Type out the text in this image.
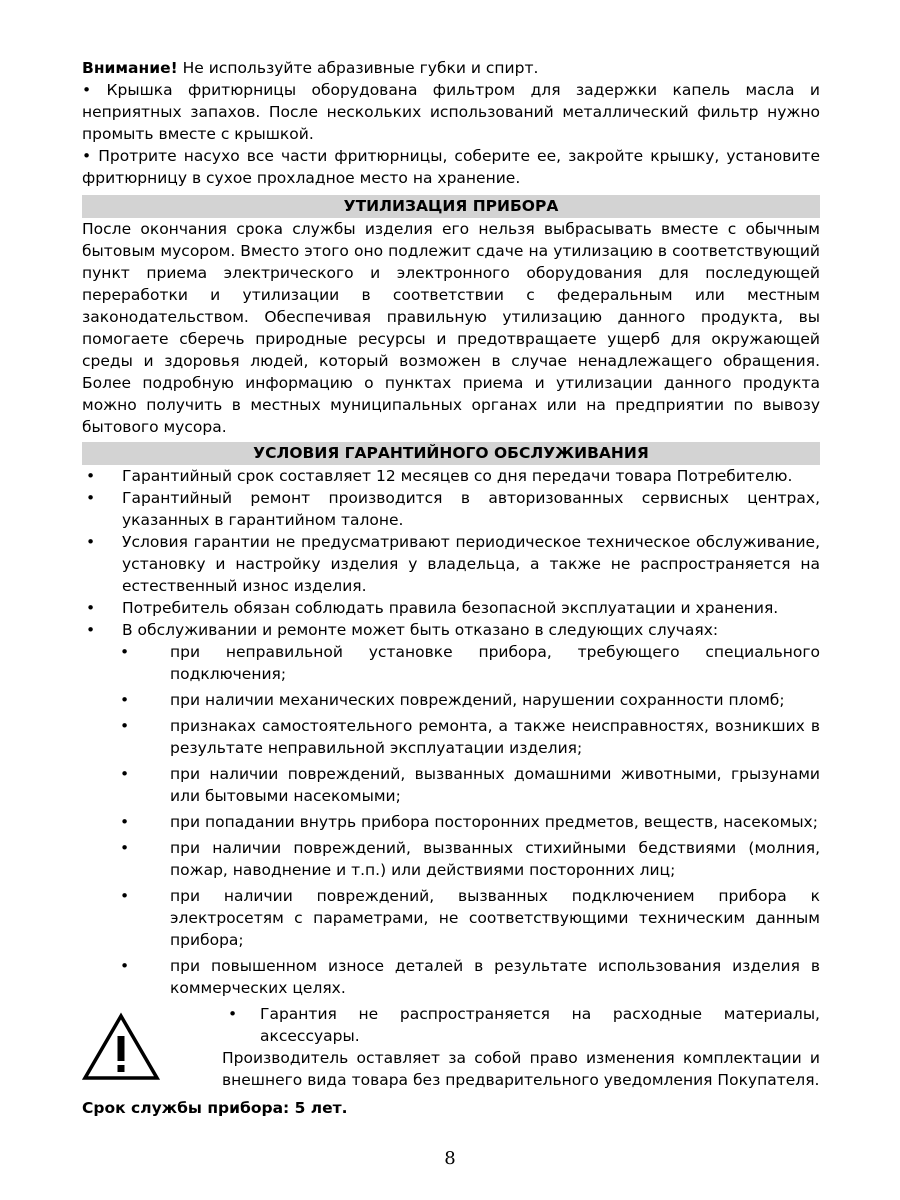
Внимание! Не используйте абразивные губки и спирт.

• Крышка фритюрницы оборудована фильтром для задержки капель масла и неприятных запахов. После нескольких использований металлический фильтр нужно промыть вместе с крышкой.

• Протрите насухо все части фритюрницы, соберите ее, закройте крышку, установите фритюрницу в сухое прохладное место на хранение.

УТИЛИЗАЦИЯ ПРИБОРА

После окончания срока службы изделия его нельзя выбрасывать вместе с обычным бытовым мусором. Вместо этого оно подлежит сдаче на утилизацию в соответствующий пункт приема электрического и электронного оборудования для последующей переработки и утилизации в соответствии с федеральным или местным законодательством. Обеспечивая правильную утилизацию данного продукта, вы помогаете сберечь природные ресурсы и предотвращаете ущерб для окружающей среды и здоровья людей, который возможен в случае ненадлежащего обращения. Более подробную информацию о пунктах приема и утилизации данного продукта можно получить в местных муниципальных органах или на предприятии по вывозу бытового мусора.

УСЛОВИЯ ГАРАНТИЙНОГО ОБСЛУЖИВАНИЯ
• Гарантийный срок составляет 12 месяцев со дня передачи товара Потребителю.
• Гарантийный ремонт производится в авторизованных сервисных центрах, указанных в гарантийном талоне.
• Условия гарантии не предусматривают периодическое техническое обслуживание, установку и настройку изделия у владельца, а также не распространяется на естественный износ изделия.
• Потребитель обязан соблюдать правила безопасной эксплуатации и хранения.
• В обслуживании и ремонте может быть отказано в следующих случаях:
• при неправильной установке прибора, требующего специального подключения;
• при наличии механических повреждений, нарушении сохранности пломб;
• признаках самостоятельного ремонта, а также неисправностях, возникших в результате неправильной эксплуатации изделия;
• при наличии повреждений, вызванных домашними животными, грызунами или бытовыми насекомыми;
• при попадании внутрь прибора посторонних предметов, веществ, насекомых;
• при наличии повреждений, вызванных стихийными бедствиями (молния, пожар, наводнение и т.п.) или действиями посторонних лиц;
• при наличии повреждений, вызванных подключением прибора к электросетям с параметрами, не соответствующими техническим данным прибора;
• при повышенном износе деталей в результате использования изделия в коммерческих целях.
• Гарантия не распространяется на расходные материалы, аксессуары.

Производитель оставляет за собой право изменения комплектации и внешнего вида товара без предварительного уведомления Покупателя.

Срок службы прибора: 5 лет.
8
